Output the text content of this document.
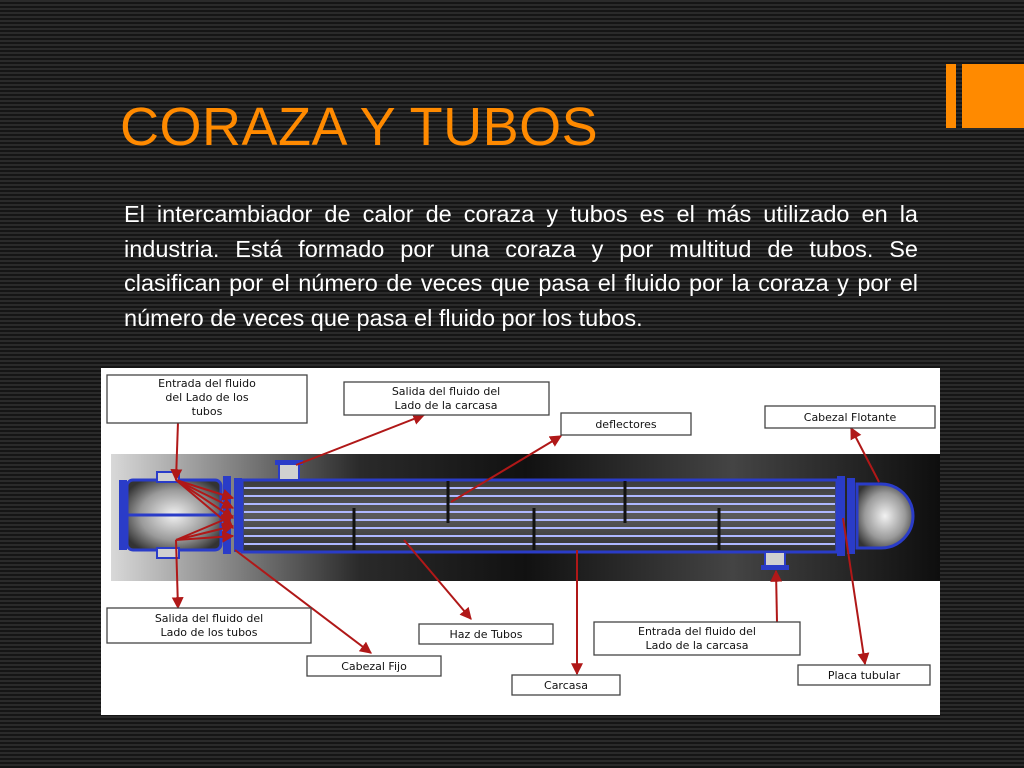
CORAZA Y TUBOS

El intercambiador de calor de coraza y tubos es el más utilizado en la industria. Está formado por una coraza y por multitud de tubos. Se clasifican por el número de veces que pasa el fluido por la coraza y por el número de veces que pasa el fluido por los tubos.

Entrada del fluido
del Lado de los
tubos
Salida del fluido del
Lado de la carcasa
deflectores
Cabezal Flotante
Salida del fluido del
Lado de los tubos	Haz de Tubos	Entrada del fluido del
Lado de la carcasa
Cabezal Fijo
Carcasa
Placa tubular
